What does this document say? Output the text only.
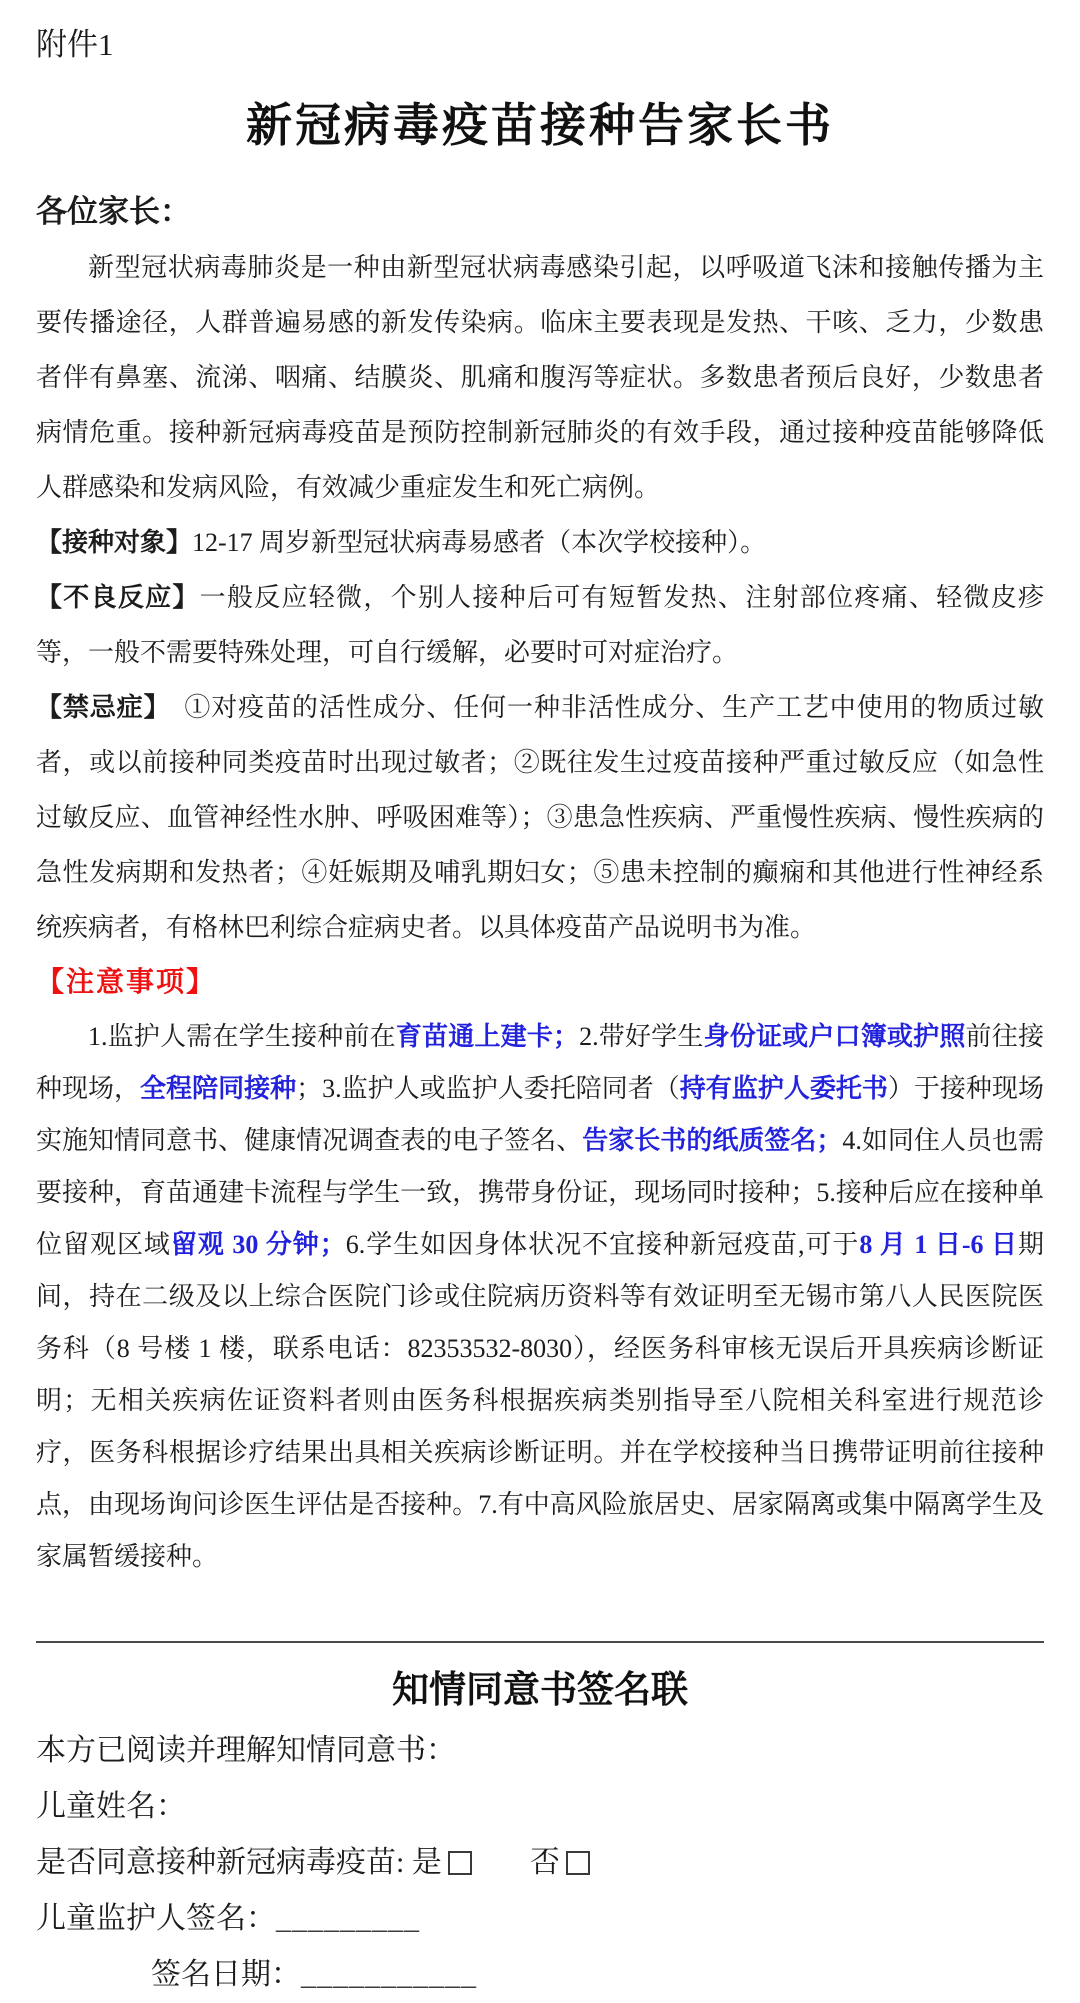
附件1
新冠病毒疫苗接种告家长书
各位家长：

新型冠状病毒肺炎是一种由新型冠状病毒感染引起，以呼吸道飞沫和接触传播为主要传播途径，人群普遍易感的新发传染病。临床主要表现是发热、干咳、乏力，少数患者伴有鼻塞、流涕、咽痛、结膜炎、肌痛和腹泻等症状。多数患者预后良好，少数患者病情危重。接种新冠病毒疫苗是预防控制新冠肺炎的有效手段，通过接种疫苗能够降低人群感染和发病风险，有效减少重症发生和死亡病例。

【接种对象】12-17 周岁新型冠状病毒易感者（本次学校接种）。

【不良反应】一般反应轻微，个别人接种后可有短暂发热、注射部位疼痛、轻微皮疹等，一般不需要特殊处理，可自行缓解，必要时可对症治疗。

【禁忌症】　①对疫苗的活性成分、任何一种非活性成分、生产工艺中使用的物质过敏者，或以前接种同类疫苗时出现过敏者；②既往发生过疫苗接种严重过敏反应（如急性过敏反应、血管神经性水肿、呼吸困难等）；③患急性疾病、严重慢性疾病、慢性疾病的急性发病期和发热者；④妊娠期及哺乳期妇女；⑤患未控制的癫痫和其他进行性神经系统疾病者，有格林巴利综合症病史者。以具体疫苗产品说明书为准。

【注意事项】

1.监护人需在学生接种前在育苗通上建卡；2.带好学生身份证或户口簿或护照前往接种现场，全程陪同接种；3.监护人或监护人委托陪同者（持有监护人委托书）于接种现场实施知情同意书、健康情况调查表的电子签名、告家长书的纸质签名；4.如同住人员也需要接种，育苗通建卡流程与学生一致，携带身份证，现场同时接种；5.接种后应在接种单位留观区域留观 30 分钟；6.学生如因身体状况不宜接种新冠疫苗,可于8 月 1 日-6 日期间，持在二级及以上综合医院门诊或住院病历资料等有效证明至无锡市第八人民医院医务科（8 号楼 1 楼，联系电话：82353532-8030），经医务科审核无误后开具疾病诊断证明；无相关疾病佐证资料者则由医务科根据疾病类别指导至八院相关科室进行规范诊疗，医务科根据诊疗结果出具相关疾病诊断证明。并在学校接种当日携带证明前往接种点，由现场询问诊医生评估是否接种。7.有中高风险旅居史、居家隔离或集中隔离学生及家属暂缓接种。

知情同意书签名联

本方已阅读并理解知情同意书：

儿童姓名：

是否同意接种新冠病毒疫苗: 是	否

儿童监护人签名：_________

签名日期：___________
